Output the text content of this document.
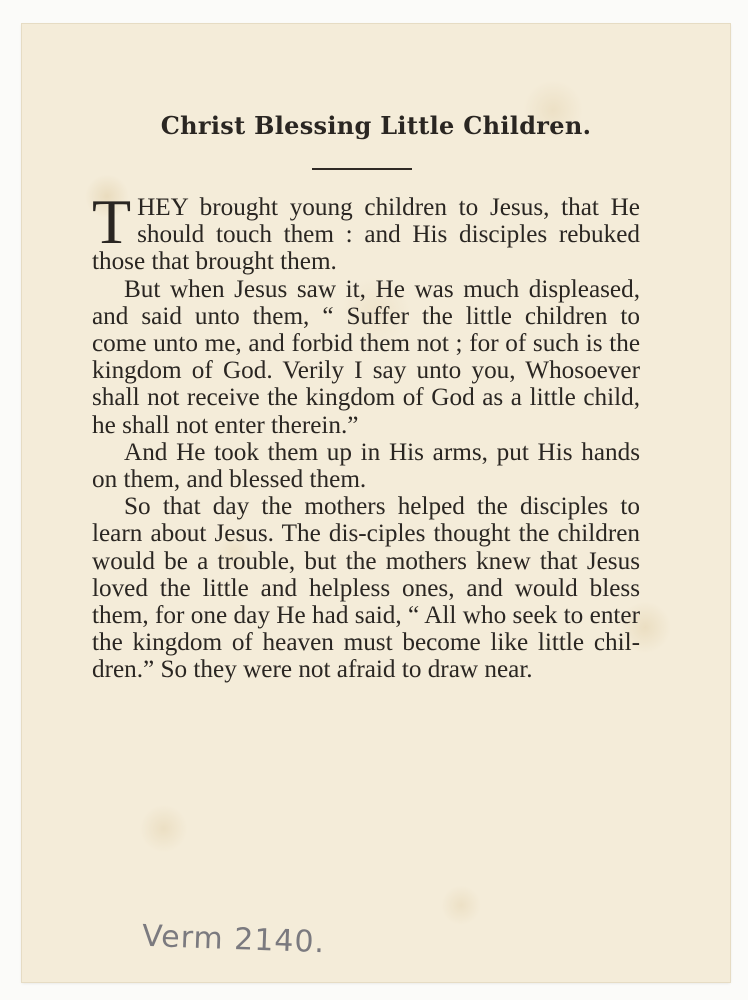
Christ Blessing Little Children.

THEY brought young children to Jesus, that He should touch them : and His disciples rebuked those that brought them.

But when Jesus saw it, He was much displeased, and said unto them, “ Suffer the little children to come unto me, and forbid them not ; for of such is the kingdom of God. Verily I say unto you, Whosoever shall not receive the kingdom of God as a little child, he shall not enter therein.”

And He took them up in His arms, put His hands on them, and blessed them.

So that day the mothers helped the disciples to learn about Jesus. The dis-ciples thought the children would be a trouble, but the mothers knew that Jesus loved the little and helpless ones, and would bless them, for one day He had said, “ All who seek to enter the kingdom of heaven must become like little chil-dren.” So they were not afraid to draw near.

Verm 2140.
